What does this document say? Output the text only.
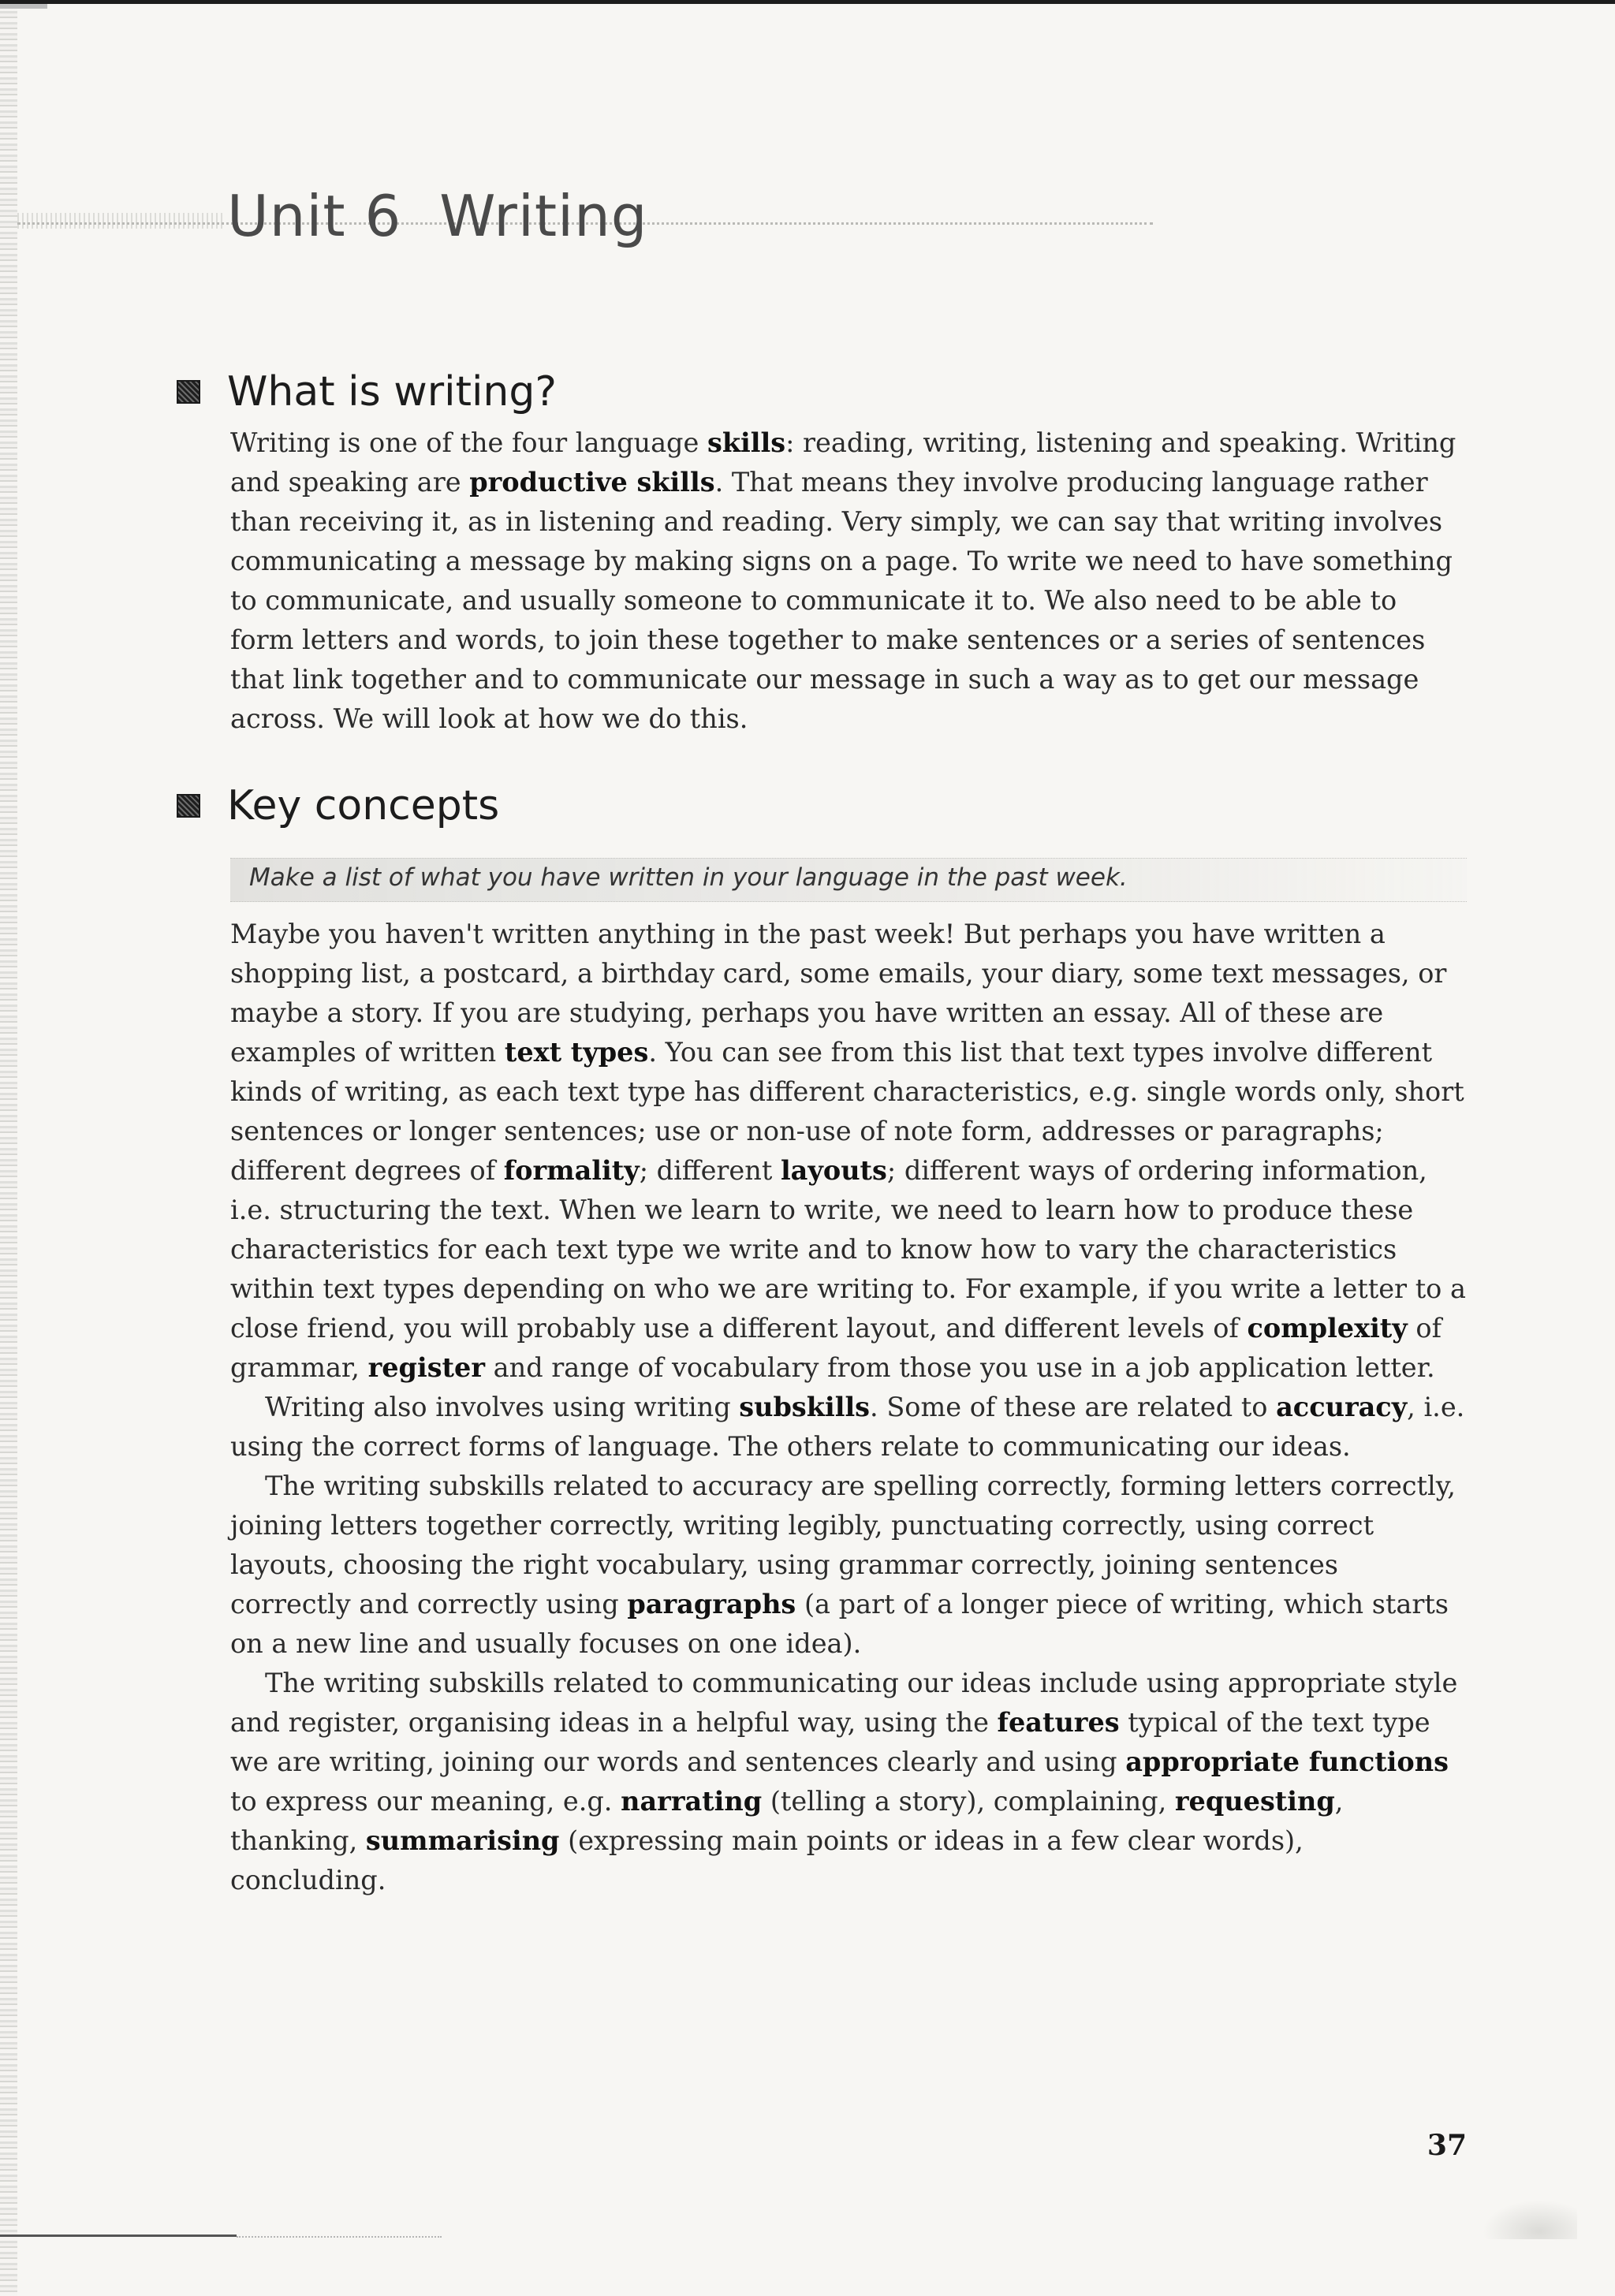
Unit 6 Writing
What is writing?

Writing is one of the four language skills: reading, writing, listening and speaking. Writing and speaking are productive skills. That means they involve producing language rather than receiving it, as in listening and reading. Very simply, we can say that writing involves communicating a message by making signs on a page. To write we need to have something to communicate, and usually someone to communicate it to. We also need to be able to form letters and words, to join these together to make sentences or a series of sentences that link together and to communicate our message in such a way as to get our message across. We will look at how we do this.

Key concepts

Make a list of what you have written in your language in the past week.

Maybe you haven't written anything in the past week! But perhaps you have written a shopping list, a postcard, a birthday card, some emails, your diary, some text messages, or maybe a story. If you are studying, perhaps you have written an essay. All of these are examples of written text types. You can see from this list that text types involve different kinds of writing, as each text type has different characteristics, e.g. single words only, short sentences or longer sentences; use or non-use of note form, addresses or paragraphs; different degrees of formality; different layouts; different ways of ordering information, i.e. structuring the text. When we learn to write, we need to learn how to produce these characteristics for each text type we write and to know how to vary the characteristics within text types depending on who we are writing to. For example, if you write a letter to a close friend, you will probably use a different layout, and different levels of complexity of grammar, register and range of vocabulary from those you use in a job application letter.

Writing also involves using writing subskills. Some of these are related to accuracy, i.e. using the correct forms of language. The others relate to communicating our ideas.

The writing subskills related to accuracy are spelling correctly, forming letters correctly, joining letters together correctly, writing legibly, punctuating correctly, using correct layouts, choosing the right vocabulary, using grammar correctly, joining sentences correctly and correctly using paragraphs (a part of a longer piece of writing, which starts on a new line and usually focuses on one idea).

The writing subskills related to communicating our ideas include using appropriate style and register, organising ideas in a helpful way, using the features typical of the text type we are writing, joining our words and sentences clearly and using appropriate functions to express our meaning, e.g. narrating (telling a story), complaining, requesting, thanking, summarising (expressing main points or ideas in a few clear words), concluding.

37
